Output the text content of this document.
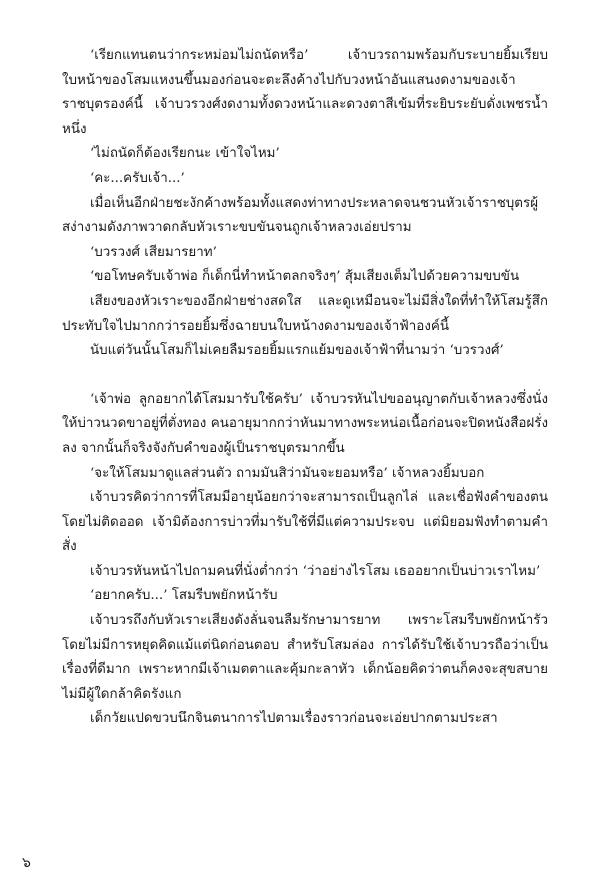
‘เรียกแทนตนว่ากระหม่อมไม่ถนัดหรือ’ เจ้าบวรถามพร้อมกับระบายยิ้มเรียบ ใบหน้าของโสมแหงนขึ้นมองก่อนจะตะลึงค้างไปกับวงหน้าอันแสนงดงามของเจ้าราชบุตรองค์นี้ เจ้าบวรวงศ์งดงามทั้งดวงหน้าและดวงตาสีเข้มที่ระยิบระยับดั่งเพชรน้ำหนึ่ง

‘ไม่ถนัดก็ต้องเรียกนะ เข้าใจไหม’

‘คะ...ครับเจ้า...’

เมื่อเห็นอีกฝ่ายชะงักค้างพร้อมทั้งแสดงท่าทางประหลาดจนชวนหัวเจ้าราชบุตรผู้สง่างามดังภาพวาดกลับหัวเราะขบขันจนถูกเจ้าหลวงเอ่ยปราม

‘บวรวงศ์ เสียมารยาท’

‘ขอโทษครับเจ้าพ่อ ก็เด็กนี่ทำหน้าตลกจริงๆ’ สุ้มเสียงเต็มไปด้วยความขบขัน

เสียงของหัวเราะของอีกฝ่ายช่างสดใส และดูเหมือนจะไม่มีสิ่งใดที่ทำให้โสมรู้สึกประทับใจไปมากกว่ารอยยิ้มซึ่งฉายบนใบหน้างดงามของเจ้าฟ้าองค์นี้

นับแต่วันนั้นโสมก็ไม่เคยลืมรอยยิ้มแรกแย้มของเจ้าฟ้าที่นามว่า ‘บวรวงศ์’

‘เจ้าพ่อ ลูกอยากได้โสมมารับใช้ครับ’ เจ้าบวรหันไปขออนุญาตกับเจ้าหลวงซึ่งนั่งให้บ่าวนวดขาอยู่ที่ตั่งทอง คนอายุมากกว่าหันมาทางพระหน่อเนื้อก่อนจะปิดหนังสือฝรั่งลง จากนั้นก็จริงจังกับคำของผู้เป็นราชบุตรมากขึ้น

‘จะให้โสมมาดูแลส่วนตัว ถามมันสิว่ามันจะยอมหรือ’ เจ้าหลวงยิ้มบอก

เจ้าบวรคิดว่าการที่โสมมีอายุน้อยกว่าจะสามารถเป็นลูกไล่ และเชื่อฟังคำของตนโดยไม่ติดออด เจ้ามิต้องการบ่าวที่มารับใช้ที่มีแต่ความประจบ แต่มิยอมฟังทำตามคำสั่ง

เจ้าบวรหันหน้าไปถามคนที่นั่งต่ำกว่า ‘ว่าอย่างไรโสม เธออยากเป็นบ่าวเราไหม’

‘อยากครับ...’ โสมรีบพยักหน้ารับ

เจ้าบวรถึงกับหัวเราะเสียงดังลั่นจนลืมรักษามารยาท เพราะโสมรีบพยักหน้ารัวโดยไม่มีการหยุดคิดแม้แต่นิดก่อนตอบ สำหรับโสมล่อง การได้รับใช้เจ้าบวรถือว่าเป็นเรื่องที่ดีมาก เพราะหากมีเจ้าเมตตาและคุ้มกะลาหัว เด็กน้อยคิดว่าตนก็คงจะสุขสบาย ไม่มีผู้ใดกล้าคิดรังแก

เด็กวัยแปดขวบนึกจินตนาการไปตามเรื่องราวก่อนจะเอ่ยปากตามประสา

๖
